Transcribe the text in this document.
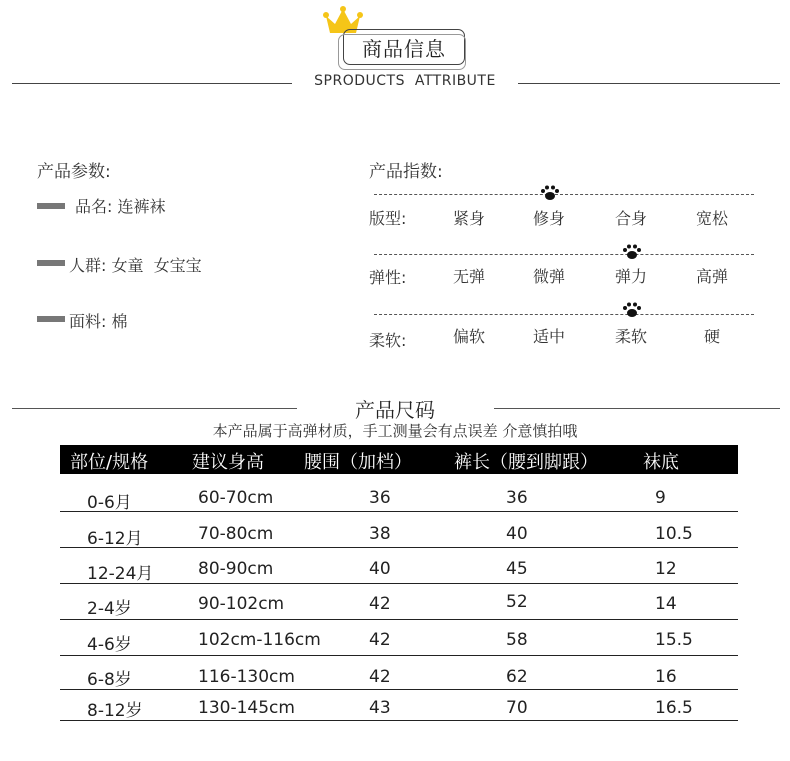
商品信息
SPRODUCTS  ATTRIBUTE
产品参数:
品名: 连裤袜
人群: 女童  女宝宝
面料: 棉
产品指数:
版型:	紧身	修身	合身	宽松
弹性:	无弹	微弹	弹力	高弹
柔软:	偏软	适中	柔软	硬
产品尺码
本产品属于高弹材质，手工测量会有点误差 介意慎拍哦
部位/规格 建议身高 腰围（加档） 裤长（腰到脚跟）	袜底
0-6月	60-70cm	36	36	9
6-12月	70-80cm	38	40	10.5
12-24月	80-90cm	40	45	12
2-4岁	90-102cm	42	52	14
4-6岁	102cm-116cm	42	58	15.5
6-8岁	116-130cm	42	62	16
8-12岁	130-145cm	43	70	16.5
